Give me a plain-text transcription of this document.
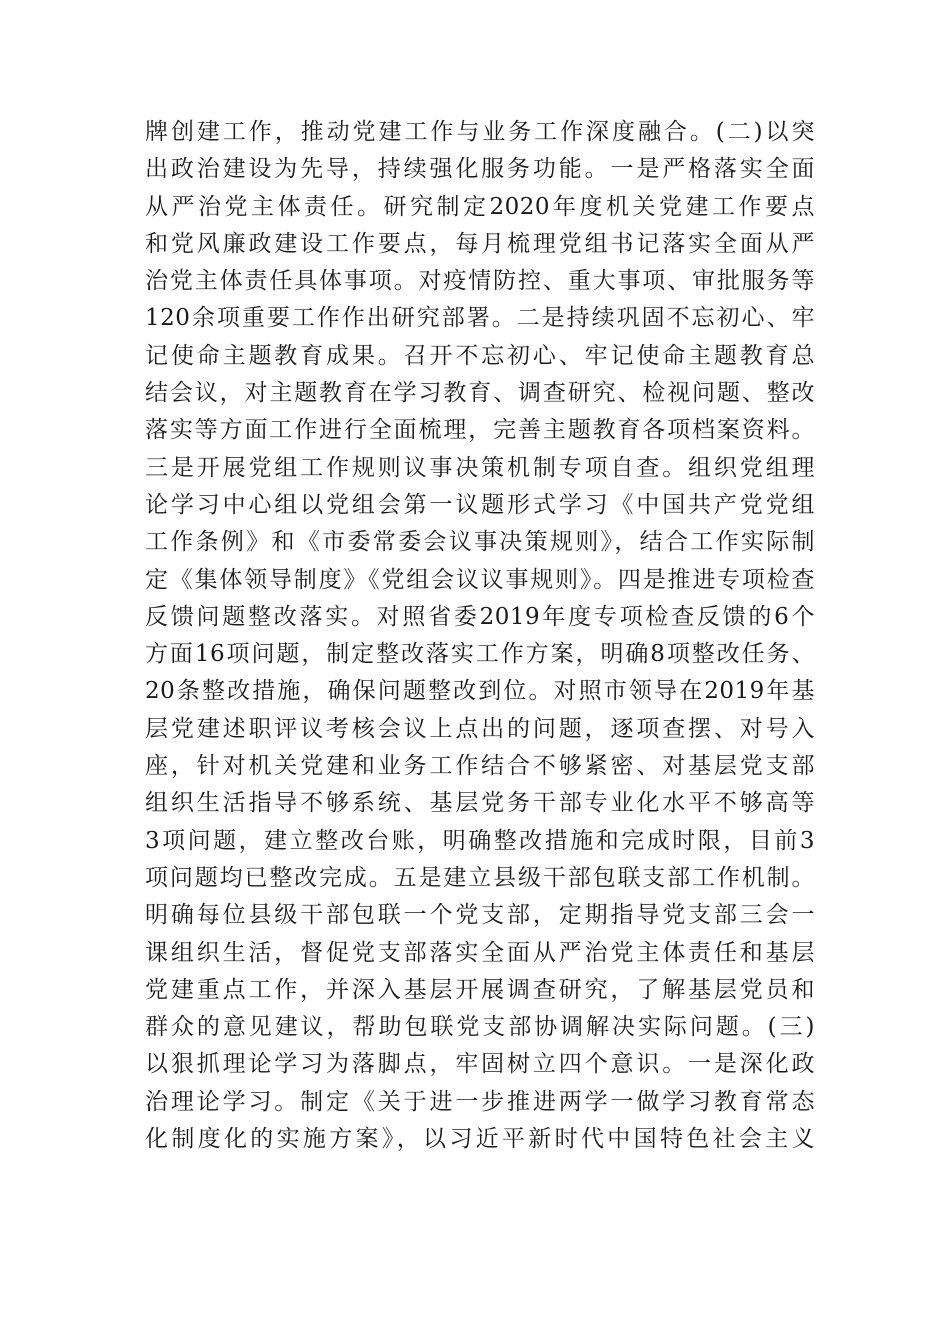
牌创建工作，推动党建工作与业务工作深度融合。(二)以突
出政治建设为先导，持续强化服务功能。一是严格落实全面
从严治党主体责任。研究制定2020年度机关党建工作要点
和党风廉政建设工作要点，每月梳理党组书记落实全面从严
治党主体责任具体事项。对疫情防控、重大事项、审批服务等
120余项重要工作作出研究部署。二是持续巩固不忘初心、牢
记使命主题教育成果。召开不忘初心、牢记使命主题教育总
结会议，对主题教育在学习教育、调查研究、检视问题、整改
落实等方面工作进行全面梳理，完善主题教育各项档案资料。
三是开展党组工作规则议事决策机制专项自查。组织党组理
论学习中心组以党组会第一议题形式学习《中国共产党党组
工作条例》和《市委常委会议事决策规则》，结合工作实际制
定《集体领导制度》《党组会议议事规则》。四是推进专项检查
反馈问题整改落实。对照省委2019年度专项检查反馈的6个
方面16项问题，制定整改落实工作方案，明确8项整改任务、
20条整改措施，确保问题整改到位。对照市领导在2019年基
层党建述职评议考核会议上点出的问题，逐项查摆、对号入
座，针对机关党建和业务工作结合不够紧密、对基层党支部
组织生活指导不够系统、基层党务干部专业化水平不够高等
3项问题，建立整改台账，明确整改措施和完成时限，目前3
项问题均已整改完成。五是建立县级干部包联支部工作机制。
明确每位县级干部包联一个党支部，定期指导党支部三会一
课组织生活，督促党支部落实全面从严治党主体责任和基层
党建重点工作，并深入基层开展调查研究，了解基层党员和
群众的意见建议，帮助包联党支部协调解决实际问题。(三)
以狠抓理论学习为落脚点，牢固树立四个意识。一是深化政
治理论学习。制定《关于进一步推进两学一做学习教育常态
化制度化的实施方案》，以习近平新时代中国特色社会主义
